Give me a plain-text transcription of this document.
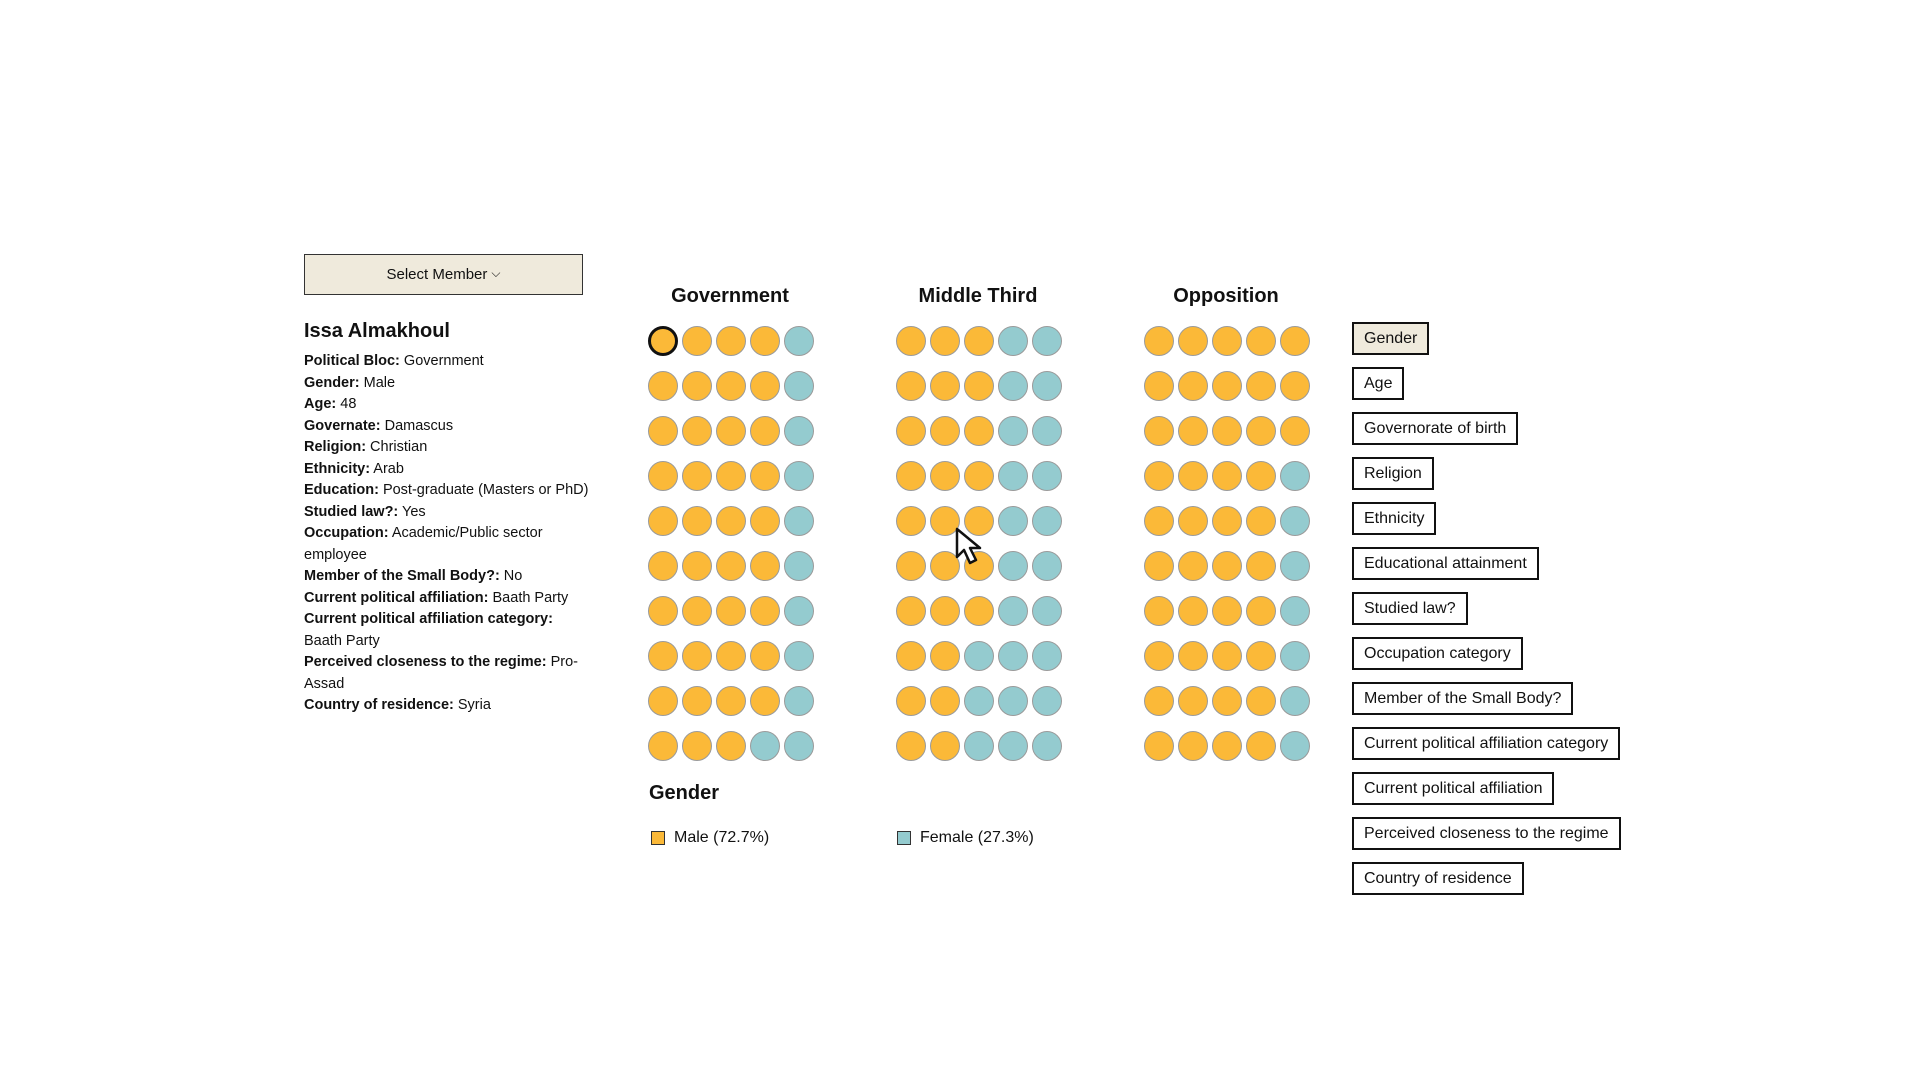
Select Member ⌵
Issa Almakhoul
Political Bloc: Government
Gender: Male
Age: 48
Governate: Damascus
Religion: Christian
Ethnicity: Arab
Education: Post-graduate (Masters or PhD)
Studied law?: Yes
Occupation: Academic/Public sector employee
Member of the Small Body?: No
Current political affiliation: Baath Party
Current political affiliation category: Baath Party
Perceived closeness to the regime: Pro-Assad
Country of residence: Syria
Government	Middle Third	Opposition
Gender
Male (72.7%)	Female (27.3%)
Gender
Age
Governorate of birth
Religion
Ethnicity
Educational attainment
Studied law?
Occupation category
Member of the Small Body?
Current political affiliation category
Current political affiliation
Perceived closeness to the regime
Country of residence
